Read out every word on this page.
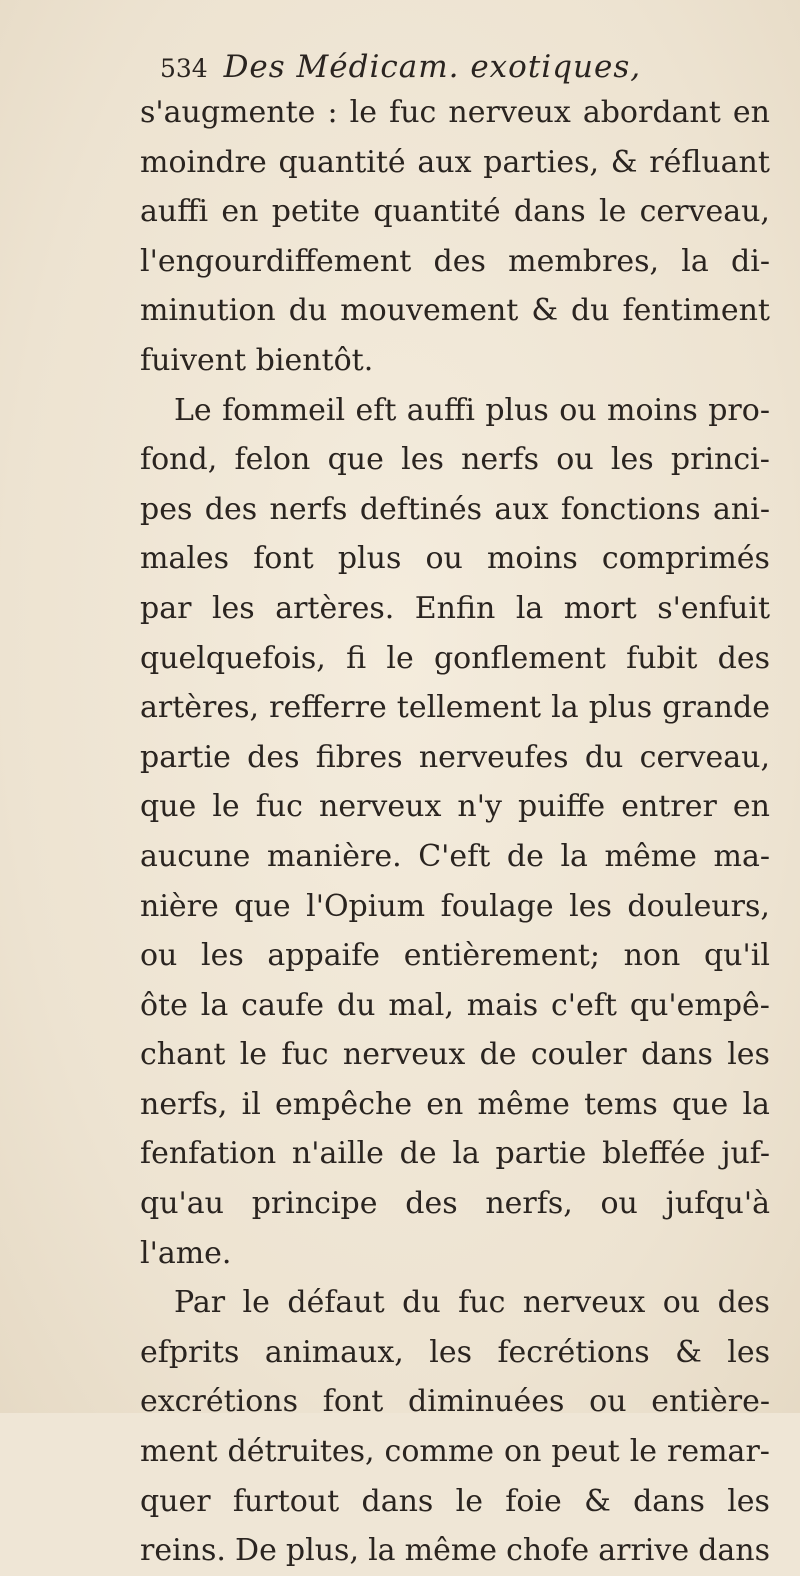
534 Des Médicam. exotiques,
s'augmente : le fuc nerveux abordant en
moindre quantité aux parties, & réfluant
auffi en petite quantité dans le cerveau,
l'engourdiffement des membres, la di-
minution du mouvement & du fentiment
fuivent bientôt.
Le fommeil eft auffi plus ou moins pro-
fond, felon que les nerfs ou les princi-
pes des nerfs deftinés aux fonctions ani-
males font plus ou moins comprimés
par les artères. Enfin la mort s'enfuit
quelquefois, fi le gonflement fubit des
artères, refferre tellement la plus grande
partie des fibres nerveufes du cerveau,
que le fuc nerveux n'y puiffe entrer en
aucune manière. C'eft de la même ma-
nière que l'Opium foulage les douleurs,
ou les appaife entièrement; non qu'il
ôte la caufe du mal, mais c'eft qu'empê-
chant le fuc nerveux de couler dans les
nerfs, il empêche en même tems que la
fenfation n'aille de la partie bleffée juf-
qu'au principe des nerfs, ou jufqu'à
l'ame.
Par le défaut du fuc nerveux ou des
efprits animaux, les fecrétions & les
excrétions font diminuées ou entière-
ment détruites, comme on peut le remar-
quer furtout dans le foie & dans les
reins. De plus, la même chofe arrive dans
